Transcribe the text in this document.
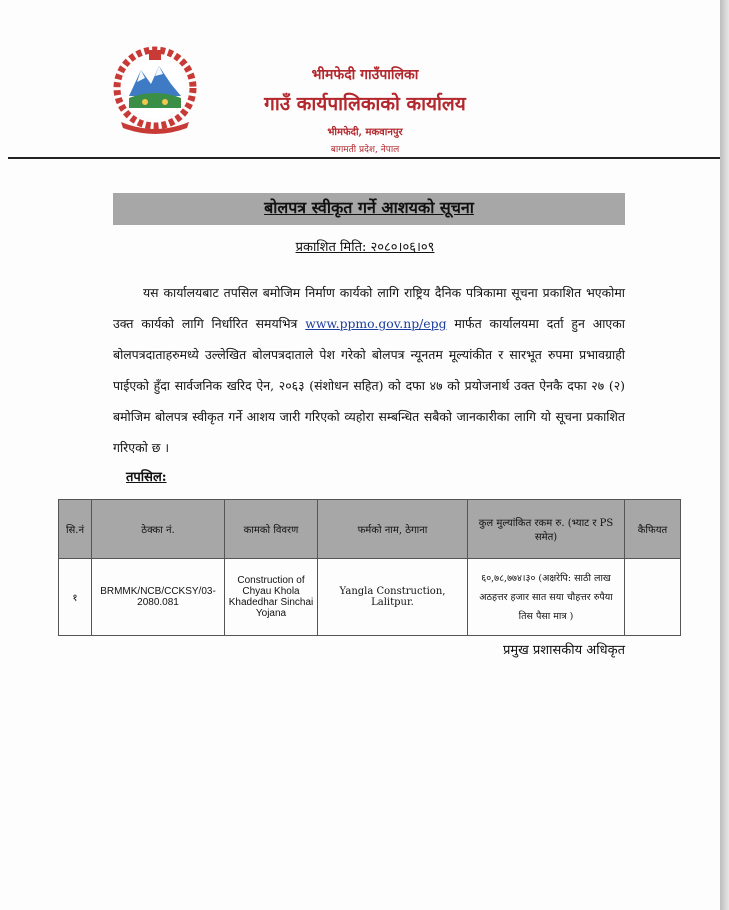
भीमफेदी गाउँपालिका
गाउँ कार्यपालिकाको कार्यालय
भीमफेदी, मकवानपुर
बागमती प्रदेश, नेपाल
बोलपत्र स्वीकृत गर्ने आशयको सूचना
प्रकाशित मिति: २०८०।०६।०९
यस कार्यालयबाट तपसिल बमोजिम निर्माण कार्यको लागि राष्ट्रिय दैनिक पत्रिकामा सूचना प्रकाशित भएकोमा उक्त कार्यको लागि निर्धारित समयभित्र www.ppmo.gov.np/epg मार्फत कार्यालयमा दर्ता हुन आएका बोलपत्रदाताहरुमध्ये उल्लेखित बोलपत्रदाताले पेश गरेको बोलपत्र न्यूनतम मूल्यांकीत र सारभूत रुपमा प्रभावग्राही पाईएको हुँदा सार्वजनिक खरिद ऐन, २०६३ (संशोधन सहित) को दफा ४७ को प्रयोजनार्थ उक्त ऐनकै दफा २७ (२) बमोजिम बोलपत्र स्वीकृत गर्ने आशय जारी गरिएको व्यहोरा सम्बन्धित सबैको जानकारीका लागि यो सूचना प्रकाशित गरिएको छ ।
तपसिल:
सि.नं	ठेक्का नं.	कामको विवरण	फर्मको नाम, ठेगाना	कुल मुल्यांकित रकम रु. (भ्याट र PS समेत)	कैफियत
१	BRMMK/NCB/CCKSY/03-2080.081	Construction of Chyau Khola Khadedhar Sinchai Yojana	Yangla Construction, Lalitpur.	६०,७८,७७४।३० (अक्षरेपि: साठी लाख अठहत्तर हजार सात सया चौहत्तर रुपैया तिस पैसा मात्र )	
प्रमुख प्रशासकीय अधिकृत
